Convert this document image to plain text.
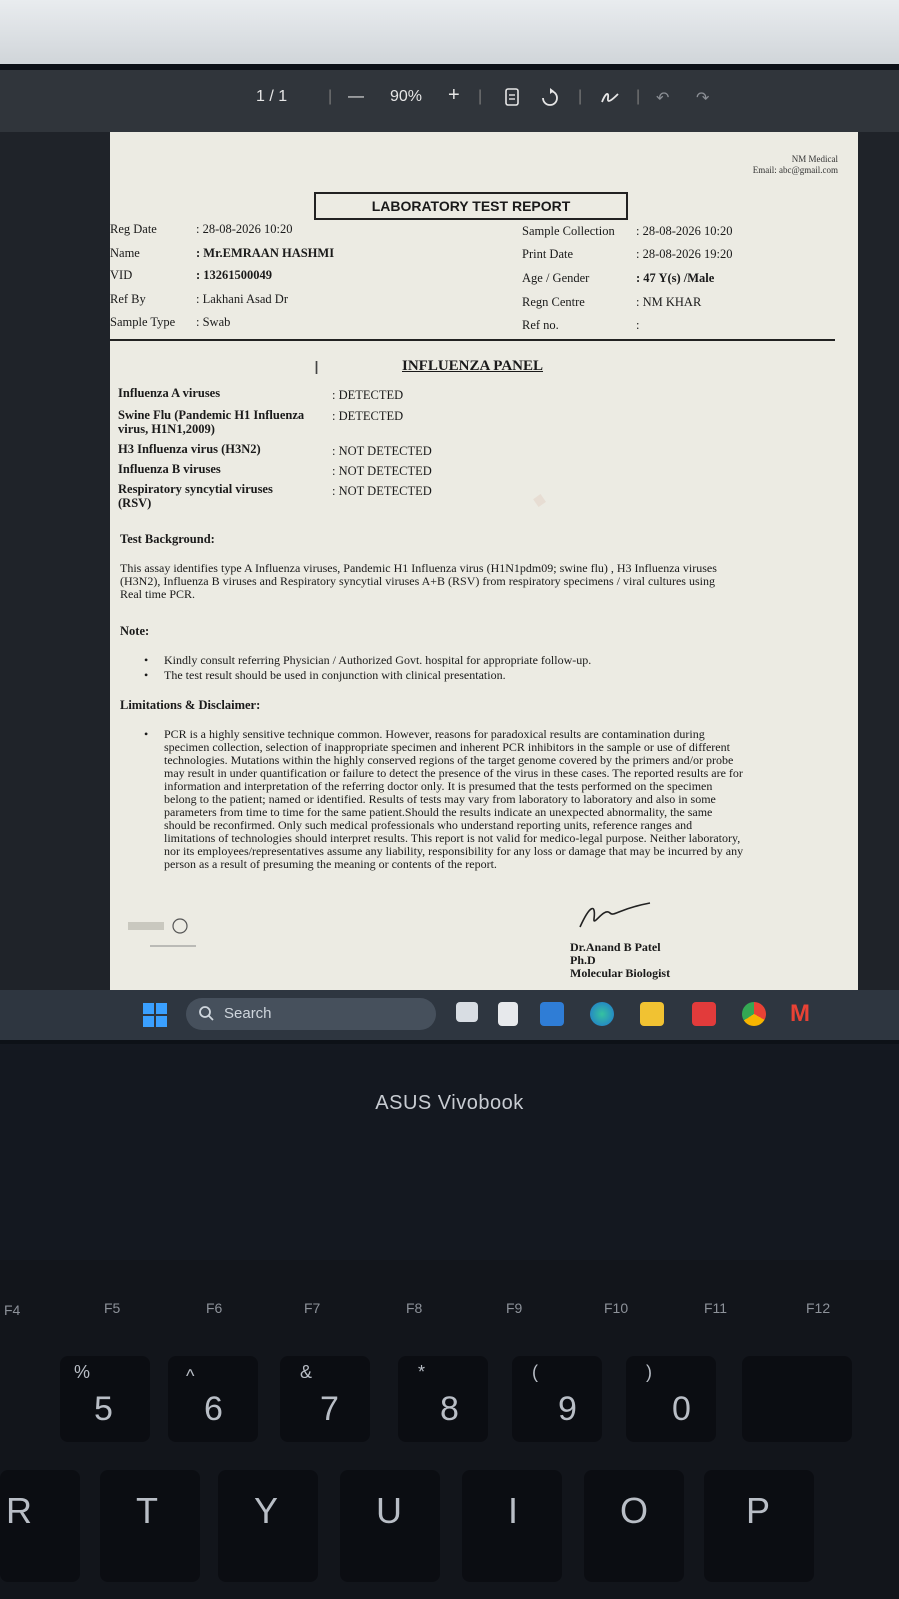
1 / 1	| — 90% + |	|	| ↶ ↷
NM Medical
Email: abc@gmail.com
LABORATORY TEST REPORT
Reg Date	: 28-08-2026 10:20
Name	: Mr.EMRAAN HASHMI
VID	: 13261500049
Ref By	: Lakhani Asad Dr
Sample Type : Swab
Sample Collection : 28-08-2026 10:20
Print Date	: 28-08-2026 19:20
Age / Gender	: 47 Y(s) /Male
Regn Centre	: NM KHAR
Ref no.	:
I	INFLUENZA PANEL
Influenza A viruses	: DETECTED
Swine Flu (Pandemic H1 Influenza
virus, H1N1,2009)
: DETECTED
H3 Influenza virus (H3N2)	: NOT DETECTED
Influenza B viruses	: NOT DETECTED
Respiratory syncytial viruses
(RSV)
: NOT DETECTED ·
Test Background:
This assay identifies type A Influenza viruses, Pandemic H1 Influenza virus (H1N1pdm09; swine flu) , H3 Influenza viruses
(H3N2), Influenza B viruses and Respiratory syncytial viruses A+B (RSV) from respiratory specimens / viral cultures using
Real time PCR.
Note:
• Kindly consult referring Physician / Authorized Govt. hospital for appropriate follow-up.
• The test result should be used in conjunction with clinical presentation.
Limitations & Disclaimer:
• PCR is a highly sensitive technique common. However, reasons for paradoxical results are contamination during
specimen collection, selection of inappropriate specimen and inherent PCR inhibitors in the sample or use of different
technologies. Mutations within the highly conserved regions of the target genome covered by the primers and/or probe
may result in under quantification or failure to detect the presence of the virus in these cases. The reported results are for
information and interpretation of the referring doctor only. It is presumed that the tests performed on the specimen
belong to the patient; named or identified. Results of tests may vary from laboratory to laboratory and also in some
parameters from time to time for the same patient.Should the results indicate an unexpected abnormality, the same
should be reconfirmed. Only such medical professionals who understand reporting units, reference ranges and
limitations of technologies should interpret results. This report is not valid for medico-legal purpose. Neither laboratory,
nor its employees/representatives assume any liability, responsibility for any loss or damage that may be incurred by any
person as a result of presuming the meaning or contents of the report.
Dr.Anand B Patel
Ph.D
Molecular Biologist
Search	M
ASUS Vivobook
F4	F5	F6	F7	F8	F9	F10	F11	F12
%
5
^
6
&
7
*
8
(
9
)
0
R	T	Y	U	I	O	P
